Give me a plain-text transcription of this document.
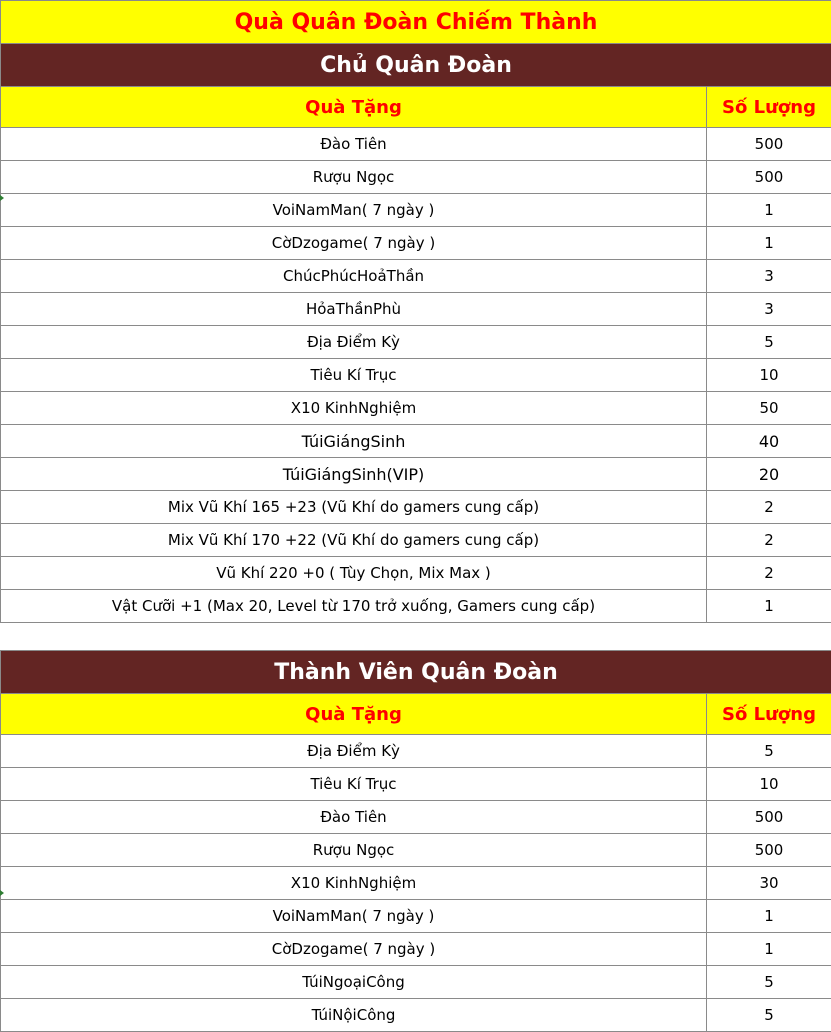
Quà Quân Đoàn Chiếm Thành	
Chủ Quân Đoàn	
Quà Tặng	Số Lượng
Đào Tiên	500
Rượu Ngọc	500
VoiNamMan( 7 ngày )	1
CờDzogame( 7 ngày )	1
ChúcPhúcHoảThần	3
HỏaThầnPhù	3
Địa Điểm Kỳ	5
Tiêu Kí Trục	10
X10 KinhNghiệm	50
TúiGiángSinh	40
TúiGiángSinh(VIP)	20
Mix Vũ Khí 165 +23 (Vũ Khí do gamers cung cấp)	2
Mix Vũ Khí 170 +22 (Vũ Khí do gamers cung cấp)	2
Vũ Khí 220 +0 ( Tùy Chọn, Mix Max )	2
Vật Cưỡi +1 (Max 20, Level từ 170 trở xuống, Gamers cung cấp)	1
Thành Viên Quân Đoàn	
Quà Tặng	Số Lượng
Địa Điểm Kỳ	5
Tiêu Kí Trục	10
Đào Tiên	500
Rượu Ngọc	500
X10 KinhNghiệm	30
VoiNamMan( 7 ngày )	1
CờDzogame( 7 ngày )	1
TúiNgoạiCông	5
TúiNộiCông	5
